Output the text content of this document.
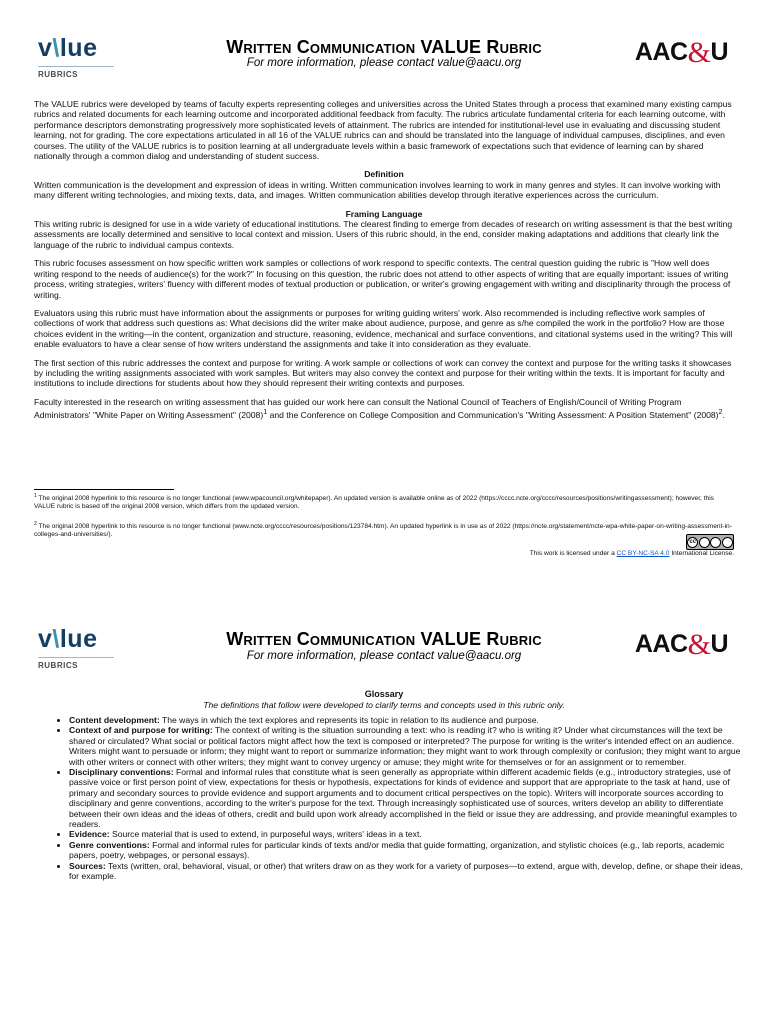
v\lue
RUBRICS
Written Communication VALUE Rubric
For more information, please contact value@aacu.org	AAC&U

The VALUE rubrics were developed by teams of faculty experts representing colleges and universities across the United States through a process that examined many existing campus rubrics and related documents for each learning outcome and incorporated additional feedback from faculty. The rubrics articulate fundamental criteria for each learning outcome, with performance descriptors demonstrating progressively more sophisticated levels of attainment. The rubrics are intended for institutional-level use in evaluating and discussing student learning, not for grading. The core expectations articulated in all 16 of the VALUE rubrics can and should be translated into the language of individual campuses, disciplines, and even courses. The utility of the VALUE rubrics is to position learning at all undergraduate levels within a basic framework of expectations such that evidence of learning can by shared nationally through a common dialog and understanding of student success.

Definition

Written communication is the development and expression of ideas in writing. Written communication involves learning to work in many genres and styles. It can involve working with many different writing technologies, and mixing texts, data, and images. Written communication abilities develop through iterative experiences across the curriculum.

Framing Language

This writing rubric is designed for use in a wide variety of educational institutions. The clearest finding to emerge from decades of research on writing assessment is that the best writing assessments are locally determined and sensitive to local context and mission. Users of this rubric should, in the end, consider making adaptations and additions that clearly link the language of the rubric to individual campus contexts.

This rubric focuses assessment on how specific written work samples or collections of work respond to specific contexts. The central question guiding the rubric is "How well does writing respond to the needs of audience(s) for the work?" In focusing on this question, the rubric does not attend to other aspects of writing that are equally important: issues of writing process, writing strategies, writers' fluency with different modes of textual production or publication, or writer's growing engagement with writing and disciplinarity through the process of writing.

Evaluators using this rubric must have information about the assignments or purposes for writing guiding writers' work. Also recommended is including reflective work samples of collections of work that address such questions as: What decisions did the writer make about audience, purpose, and genre as s/he compiled the work in the portfolio? How are those choices evident in the writing—in the content, organization and structure, reasoning, evidence, mechanical and surface conventions, and citational systems used in the writing? This will enable evaluators to have a clear sense of how writers understand the assignments and take it into consideration as they evaluate.

The first section of this rubric addresses the context and purpose for writing. A work sample or collections of work can convey the context and purpose for the writing tasks it showcases by including the writing assignments associated with work samples. But writers may also convey the context and purpose for their writing within the texts. It is important for faculty and institutions to include directions for students about how they should represent their writing contexts and purposes.

Faculty interested in the research on writing assessment that has guided our work here can consult the National Council of Teachers of English/Council of Writing Program Administrators' "White Paper on Writing Assessment" $(2008)^1$ and the Conference on College Composition and Communication's "Writing Assessment: A Position Statement" $(2008)^2$.

$^1$ The original 2008 hyperlink to this resource is no longer functional (www.wpacouncil.org/whitepaper). An updated version is available online as of 2022 (https://cccc.ncte.org/cccc/resources/positions/writingassessment); however, this VALUE rubric is based off the original 2008 version, which differs from the updated version.

$^2$ The original 2008 hyperlink to this resource is no longer functional (www.ncte.org/cccc/resources/positions/123784.htm). An updated hyperlink is in use as of 2022 (https://ncte.org/statement/ncte-wpa-white-paper-on-writing-assessment-in-colleges-and-universities/).

cc
This work is licensed under a CC BY-NC-SA 4.0 International License.
v\lue
RUBRICS
Written Communication VALUE Rubric
For more information, please contact value@aacu.org	AAC&U
Glossary
The definitions that follow were developed to clarify terms and concepts used in this rubric only.
• Content development: The ways in which the text explores and represents its topic in relation to its audience and purpose.
• Context of and purpose for writing: The context of writing is the situation surrounding a text: who is reading it? who is writing it? Under what circumstances will the text be shared or circulated? What social or political factors might affect how the text is composed or interpreted? The purpose for writing is the writer's intended effect on an audience. Writers might want to persuade or inform; they might want to report or summarize information; they might want to work through complexity or confusion; they might want to argue with other writers or connect with other writers; they might want to convey urgency or amuse; they might write for themselves or for an assignment or to remember.
• Disciplinary conventions: Formal and informal rules that constitute what is seen generally as appropriate within different academic fields (e.g., introductory strategies, use of passive voice or first person point of view, expectations for thesis or hypothesis, expectations for kinds of evidence and support that are appropriate to the task at hand, use of primary and secondary sources to provide evidence and support arguments and to document critical perspectives on the topic). Writers will incorporate sources according to disciplinary and genre conventions, according to the writer's purpose for the text. Through increasingly sophisticated use of sources, writers develop an ability to differentiate between their own ideas and the ideas of others, credit and build upon work already accomplished in the field or issue they are addressing, and provide meaningful examples to readers.
• Evidence: Source material that is used to extend, in purposeful ways, writers' ideas in a text.
• Genre conventions: Formal and informal rules for particular kinds of texts and/or media that guide formatting, organization, and stylistic choices (e.g., lab reports, academic papers, poetry, webpages, or personal essays).
• Sources: Texts (written, oral, behavioral, visual, or other) that writers draw on as they work for a variety of purposes—to extend, argue with, develop, define, or shape their ideas, for example.
